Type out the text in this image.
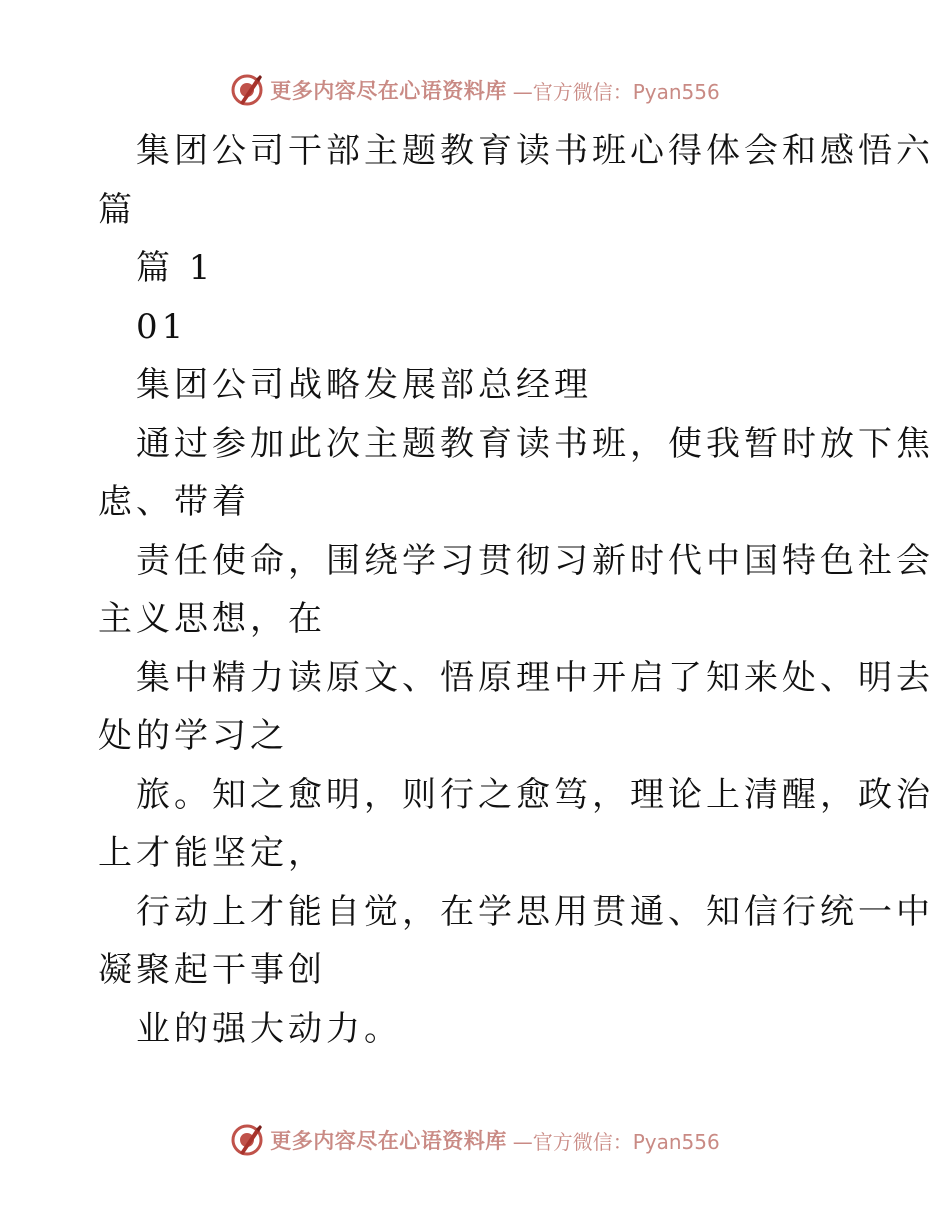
更多内容尽在心语资料库 —官方微信：Pyan556
集团公司干部主题教育读书班心得体会和感悟六
篇
篇 1
01
集团公司战略发展部总经理
通过参加此次主题教育读书班，使我暂时放下焦
虑、带着
责任使命，围绕学习贯彻习新时代中国特色社会
主义思想，在
集中精力读原文、悟原理中开启了知来处、明去
处的学习之
旅。知之愈明，则行之愈笃，理论上清醒，政治
上才能坚定，
行动上才能自觉，在学思用贯通、知信行统一中
凝聚起干事创
业的强大动力。
更多内容尽在心语资料库 —官方微信：Pyan556
